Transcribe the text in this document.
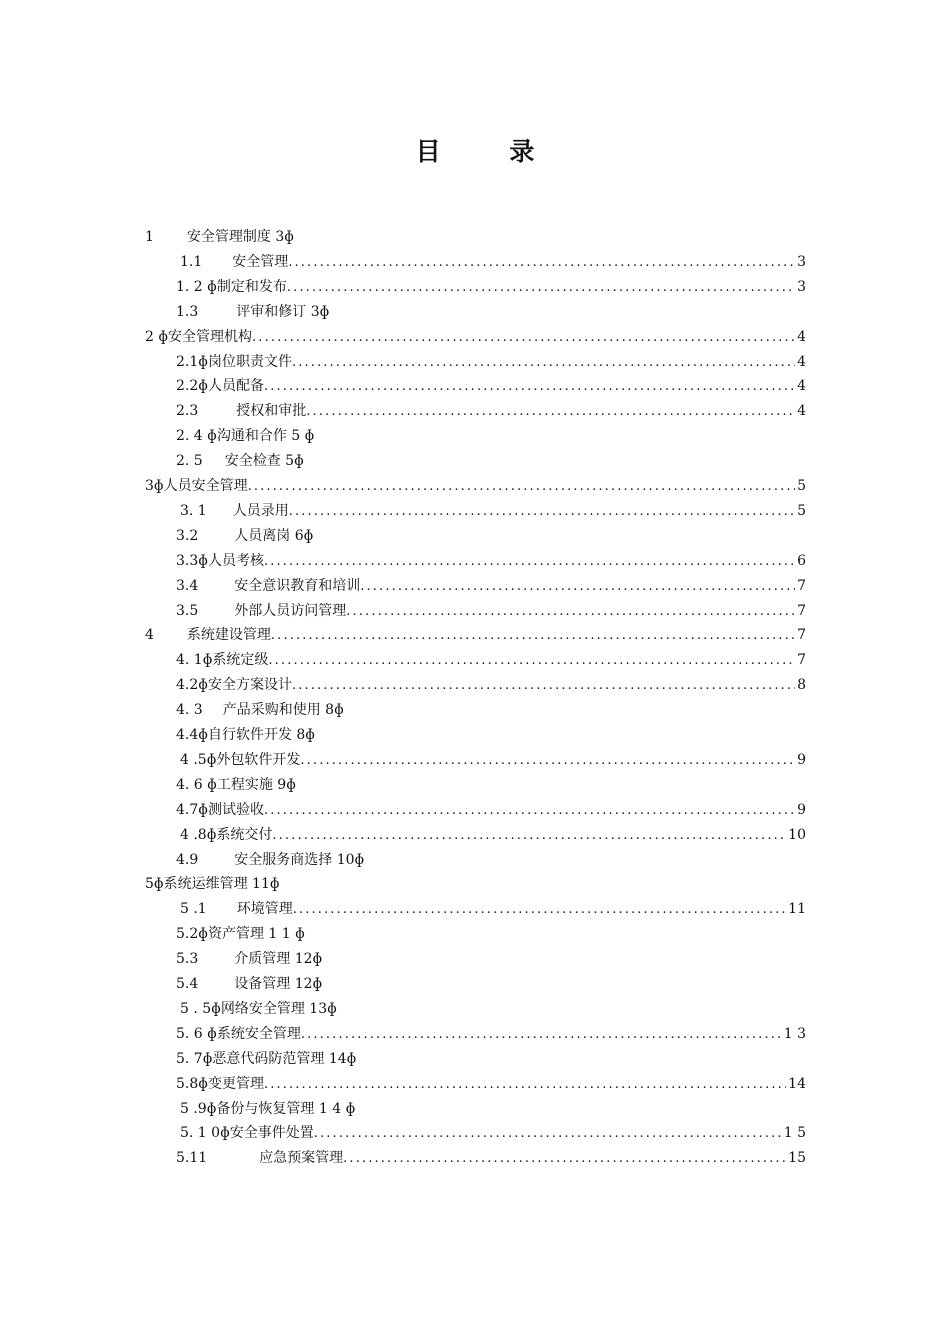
目 录
1 安全管理制度 3ɸ
1.1 安全管理 . . .	3
1. 2 ɸ 制定和发布 . . .	3
1.3	评审和修订 3ɸ
2 ɸ 安全管理机构 . . .	4
2.1ɸ 岗位职责文件 . . .	4
2.2ɸ 人员配备 . . .	4
2.3	授权和审批 . . .	4
2. 4 ɸ 沟通和合作 5 ɸ
2. 5 安全检查 5ɸ
3ɸ 人员安全管理 . . .	5
3. 1 人员录用 . . .	5
3.2	人员离岗 6ɸ
3.3ɸ 人员考核 . . .	6
3.4	安全意识教育和培训 . . .	7
3.5	外部人员访问管理 . . .	7
4 系统建设管理 . . .	7
4. 1ɸ 系统定级 . . .	7
4.2ɸ 安全方案设计 . . .	8
4. 3 产品采购和使用 8ɸ
4.4ɸ 自行软件开发 8ɸ
4 .5ɸ 外包软件开发 . . .	9
4. 6 ɸ 工程实施 9ɸ
4.7ɸ 测试验收 . . .	9
4 .8ɸ 系统交付 . . .	10
4.9	安全服务商选择 10ɸ
5ɸ 系统运维管理 11ɸ
5 .1 环境管理 . . .	11
5.2ɸ 资产管理 1 1 ɸ
5.3	介质管理 12ɸ
5.4	设备管理 12ɸ
5 . 5ɸ 网络安全管理 13ɸ
5. 6 ɸ 系统安全管理 . . .	1 3
5. 7ɸ 恶意代码防范管理 14ɸ
5.8ɸ 变更管理 . . .	14
5 .9ɸ 备份与恢复管理 1 4 ɸ
5. 1 0ɸ 安全事件处置 . . .	1 5
5.11	应急预案管理 . . .	15
